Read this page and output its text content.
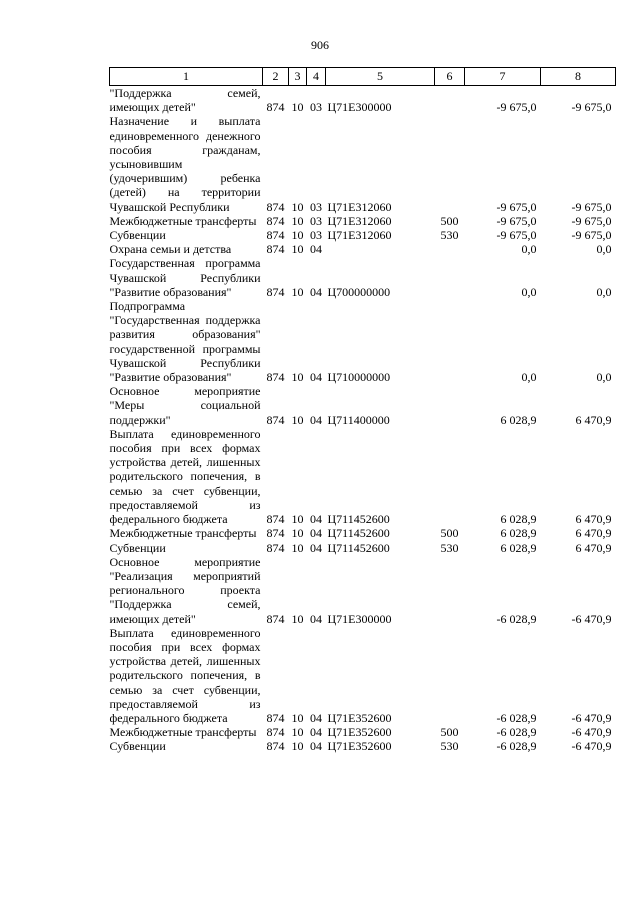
906
1	2	3	4	5	6	7	8
"Поддержка семей, имеющих детей"	874	10	03	Ц71Е300000		-9 675,0	-9 675,0
Назначение и выплата единовременного денежного пособия гражданам, усыновившим (удочерившим) ребенка (детей) на территории Чувашской Республики	874	10	03	Ц71Е312060		-9 675,0	-9 675,0
Межбюджетные трансферты	874	10	03	Ц71Е312060	500	-9 675,0	-9 675,0
Субвенции	874	10	03	Ц71Е312060	530	-9 675,0	-9 675,0
Охрана семьи и детства	874	10	04			0,0	0,0
Государственная программа Чувашской Республики "Развитие образования"	874	10	04	Ц700000000		0,0	0,0
Подпрограмма "Государственная поддержка развития образования" государственной программы Чувашской Республики "Развитие образования"	874	10	04	Ц710000000		0,0	0,0
Основное мероприятие "Меры социальной поддержки"	874	10	04	Ц711400000		6 028,9	6 470,9
Выплата единовременного пособия при всех формах устройства детей, лишенных родительского попечения, в семью за счет субвенции, предоставляемой из федерального бюджета	874	10	04	Ц711452600		6 028,9	6 470,9
Межбюджетные трансферты	874	10	04	Ц711452600	500	6 028,9	6 470,9
Субвенции	874	10	04	Ц711452600	530	6 028,9	6 470,9
Основное мероприятие "Реализация мероприятий регионального проекта "Поддержка семей, имеющих детей"	874	10	04	Ц71Е300000		-6 028,9	-6 470,9
Выплата единовременного пособия при всех формах устройства детей, лишенных родительского попечения, в семью за счет субвенции, предоставляемой из федерального бюджета	874	10	04	Ц71Е352600		-6 028,9	-6 470,9
Межбюджетные трансферты	874	10	04	Ц71Е352600	500	-6 028,9	-6 470,9
Субвенции	874	10	04	Ц71Е352600	530	-6 028,9	-6 470,9
